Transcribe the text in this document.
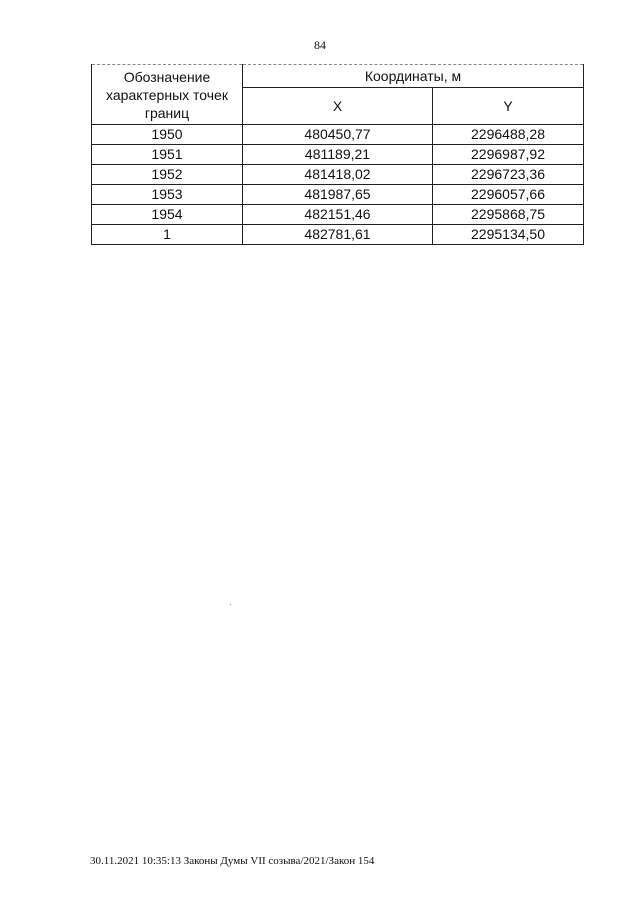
84
Обозначение
характерных точек
границ	Координаты, м	
	X	Y
1950	480450,77	2296488,28
1951	481189,21	2296987,92
1952	481418,02	2296723,36
1953	481987,65	2296057,66
1954	482151,46	2295868,75
1	482781,61	2295134,50
30.11.2021 10:35:13 Законы Думы VII созыва/2021/Закон 154
